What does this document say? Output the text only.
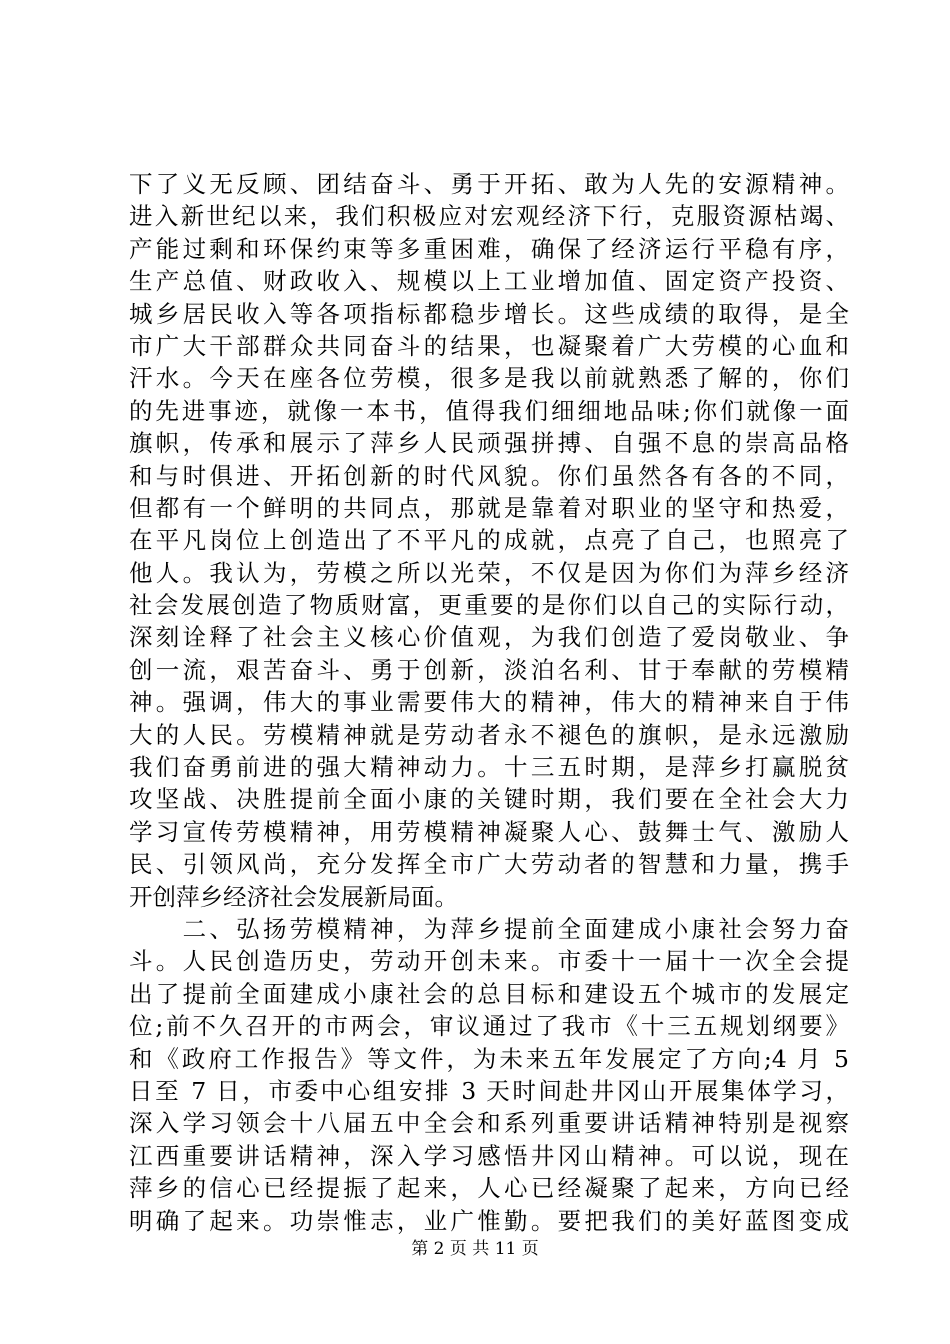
下了义无反顾、团结奋斗、勇于开拓、敢为人先的安源精神。
进入新世纪以来，我们积极应对宏观经济下行，克服资源枯竭、
产能过剩和环保约束等多重困难，确保了经济运行平稳有序，
生产总值、财政收入、规模以上工业增加值、固定资产投资、
城乡居民收入等各项指标都稳步增长。这些成绩的取得，是全
市广大干部群众共同奋斗的结果，也凝聚着广大劳模的心血和
汗水。今天在座各位劳模，很多是我以前就熟悉了解的，你们
的先进事迹，就像一本书，值得我们细细地品味;你们就像一面
旗帜，传承和展示了萍乡人民顽强拼搏、自强不息的崇高品格
和与时俱进、开拓创新的时代风貌。你们虽然各有各的不同，
但都有一个鲜明的共同点，那就是靠着对职业的坚守和热爱，
在平凡岗位上创造出了不平凡的成就，点亮了自己，也照亮了
他人。我认为，劳模之所以光荣，不仅是因为你们为萍乡经济
社会发展创造了物质财富，更重要的是你们以自己的实际行动，
深刻诠释了社会主义核心价值观，为我们创造了爱岗敬业、争
创一流，艰苦奋斗、勇于创新，淡泊名利、甘于奉献的劳模精
神。强调，伟大的事业需要伟大的精神，伟大的精神来自于伟
大的人民。劳模精神就是劳动者永不褪色的旗帜，是永远激励
我们奋勇前进的强大精神动力。十三五时期，是萍乡打赢脱贫
攻坚战、决胜提前全面小康的关键时期，我们要在全社会大力
学习宣传劳模精神，用劳模精神凝聚人心、鼓舞士气、激励人
民、引领风尚，充分发挥全市广大劳动者的智慧和力量，携手
开创萍乡经济社会发展新局面。
　　二、弘扬劳模精神，为萍乡提前全面建成小康社会努力奋
斗。人民创造历史，劳动开创未来。市委十一届十一次全会提
出了提前全面建成小康社会的总目标和建设五个城市的发展定
位;前不久召开的市两会，审议通过了我市《十三五规划纲要》
和《政府工作报告》等文件，为未来五年发展定了方向;4 月 5
日至 7 日，市委中心组安排 3 天时间赴井冈山开展集体学习，
深入学习领会十八届五中全会和系列重要讲话精神特别是视察
江西重要讲话精神，深入学习感悟井冈山精神。可以说，现在
萍乡的信心已经提振了起来，人心已经凝聚了起来，方向已经
明确了起来。功崇惟志，业广惟勤。要把我们的美好蓝图变成
第 2 页 共 11 页
